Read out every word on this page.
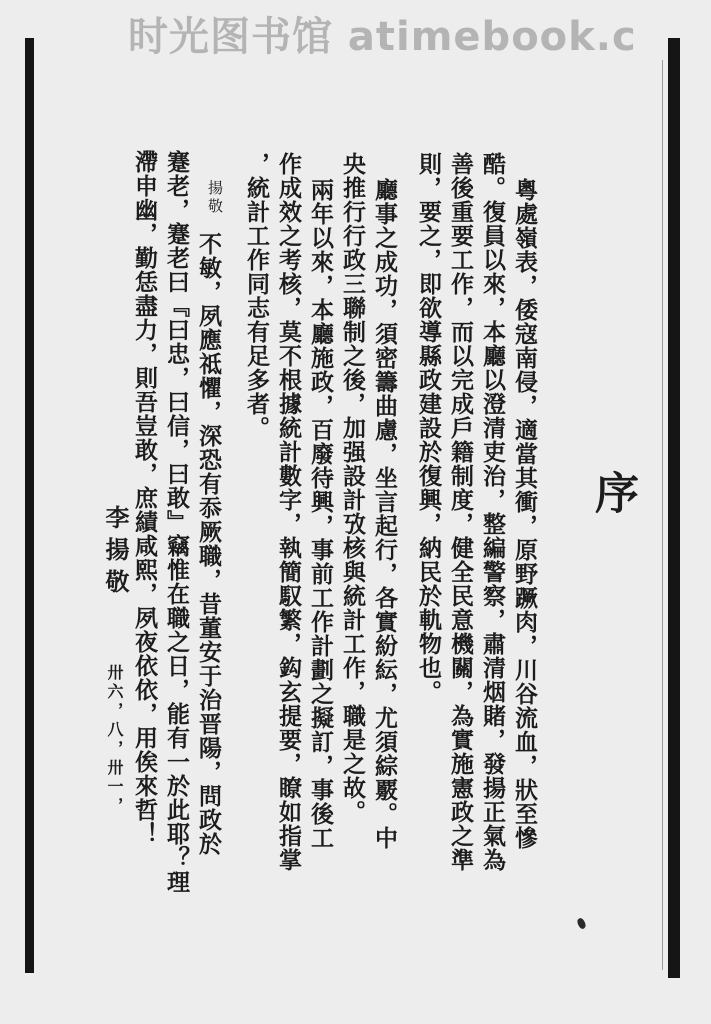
时光图书馆 atimebook.c
序
粵處嶺表，倭寇南侵，適當其衝，原野蹶肉，川谷流血，狀至慘
酷。復員以來，本廳以澄清吏治，整編警察，肅清烟賭，發揚正氣為
善後重要工作，而以完成戶籍制度，健全民意機關，為實施憲政之準
則，要之，即欲導縣政建設於復興，納民於軌物也。
廳事之成功，須密籌曲慮，坐言起行，各實紛紜，尤須綜覈。中
央推行行政三聯制之後，加强設計攷核與統計工作，職是之故。
兩年以來，本廳施政，百廢待興，事前工作計劃之擬訂，事後工
作成效之考核，莫不根據統計數字，執簡馭繁，鈎玄提要，瞭如指掌
，統計工作同志有足多者。
揚敬
不敏，夙應祗懼，深恐有忝厥職，昔董安于治晋陽，問政於
蹇老，蹇老曰『曰忠，曰信，曰敢』竊惟在職之日，能有一於此耶？理
滯申幽，勤恁盡力，則吾豈敢，庶績咸熙，夙夜依依，用俟來哲！
李揚敬
卅六，八，卅一，
